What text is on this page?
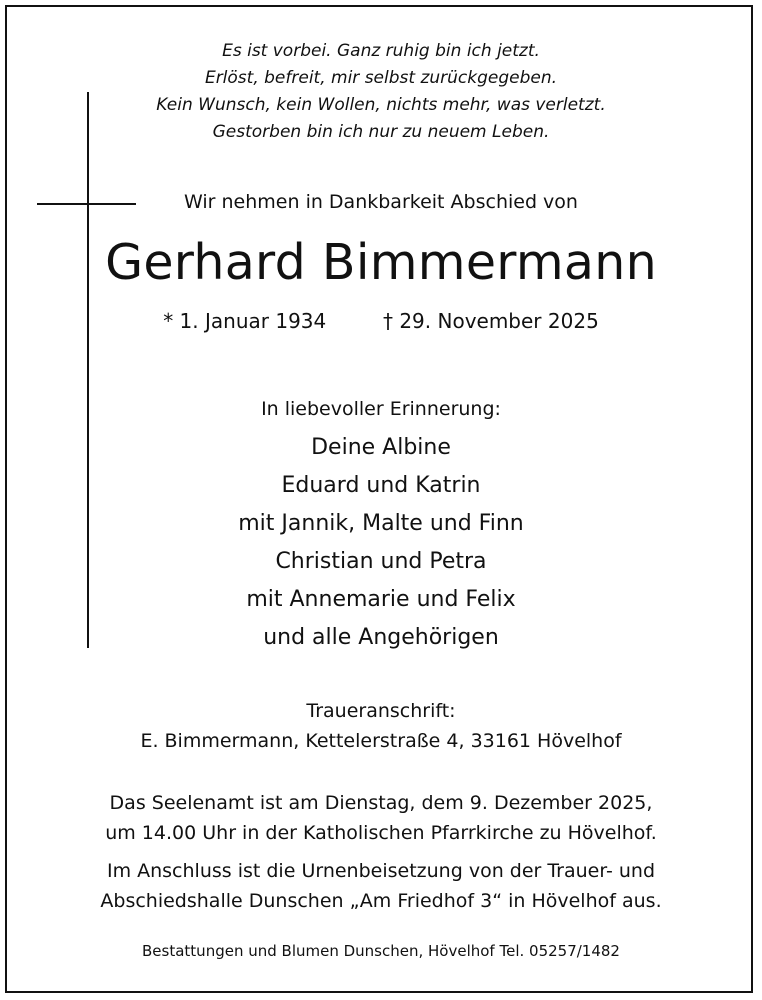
Es ist vorbei. Ganz ruhig bin ich jetzt.
Erlöst, befreit, mir selbst zurückgegeben.
Kein Wunsch, kein Wollen, nichts mehr, was verletzt.
Gestorben bin ich nur zu neuem Leben.
Wir nehmen in Dankbarkeit Abschied von
Gerhard Bimmermann
* 1. Januar 1934	† 29. November 2025
In liebevoller Erinnerung:
Deine Albine
Eduard und Katrin
mit Jannik, Malte und Finn
Christian und Petra
mit Annemarie und Felix
und alle Angehörigen
Traueranschrift:
E. Bimmermann, Kettelerstraße 4, 33161 Hövelhof
Das Seelenamt ist am Dienstag, dem 9. Dezember 2025,
um 14.00 Uhr in der Katholischen Pfarrkirche zu Hövelhof.
Im Anschluss ist die Urnenbeisetzung von der Trauer- und
Abschiedshalle Dunschen „Am Friedhof 3“ in Hövelhof aus.
Bestattungen und Blumen Dunschen, Hövelhof Tel. 05257/1482
